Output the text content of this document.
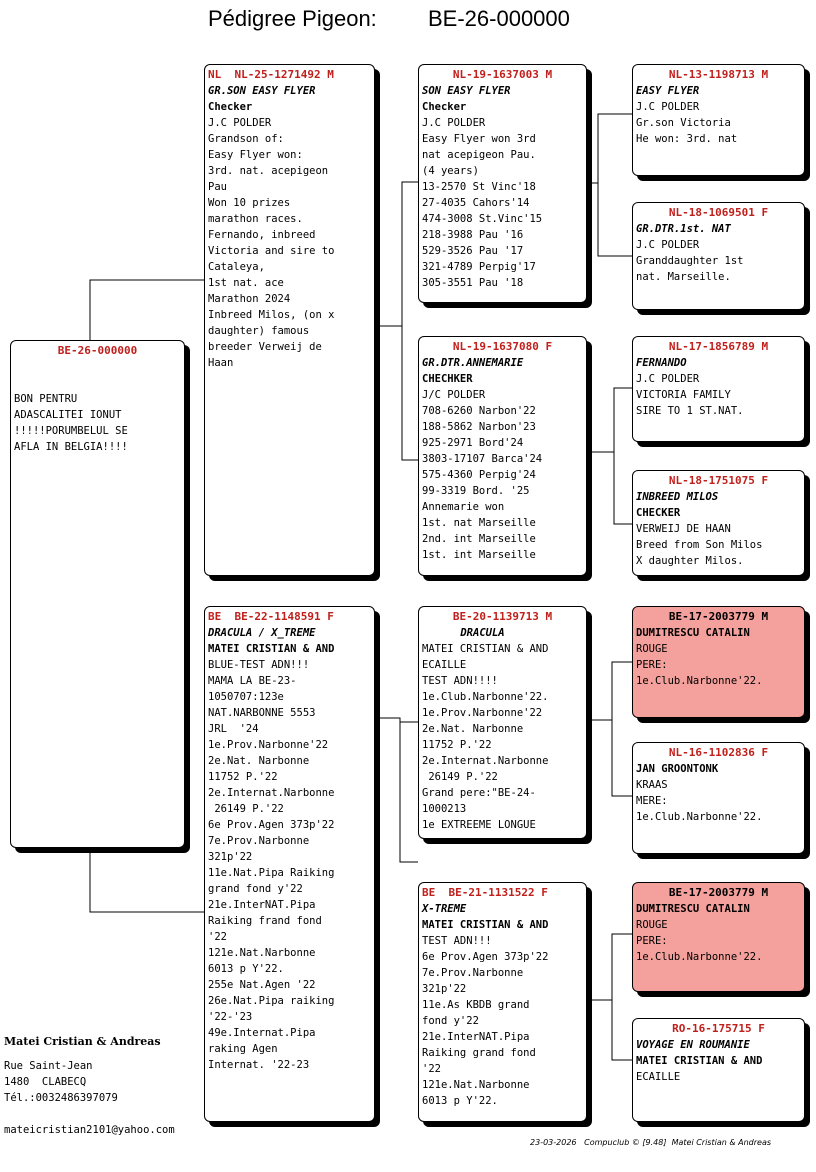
Pédigree Pigeon: BE-26-000000
BE-26-000000
BON PENTRU
ADASCALITEI IONUT
!!!!!PORUMBELUL SE
AFLA IN BELGIA!!!!
NL  NL-25-1271492 M
GR.SON EASY FLYER
Checker
J.C POLDER
Grandson of:
Easy Flyer won:
3rd. nat. acepigeon
Pau
Won 10 prizes
marathon races.
Fernando, inbreed
Victoria and sire to
Cataleya,
1st nat. ace
Marathon 2024
Inbreed Milos, (on x
daughter) famous
breeder Verweij de
Haan
BE  BE-22-1148591 F
DRACULA / X_TREME
MATEI CRISTIAN & AND
BLUE-TEST ADN!!!
MAMA LA BE-23-
1050707:123e
NAT.NARBONNE 5553
JRL  '24
1e.Prov.Narbonne'22
2e.Nat. Narbonne
11752 P.'22
2e.Internat.Narbonne
26149 P.'22
6e Prov.Agen 373p'22
7e.Prov.Narbonne
321p'22
11e.Nat.Pipa Raiking
grand fond y'22
21e.InterNAT.Pipa
Raiking frand fond
'22
121e.Nat.Narbonne
6013 p Y'22.
255e Nat.Agen '22
26e.Nat.Pipa raiking
'22-'23
49e.Internat.Pipa
raking Agen
Internat. '22-23
NL-19-1637003 M
SON EASY FLYER
Checker
J.C POLDER
Easy Flyer won 3rd
nat acepigeon Pau.
(4 years)
13-2570 St Vinc'18
27-4035 Cahors'14
474-3008 St.Vinc'15
218-3988 Pau '16
529-3526 Pau '17
321-4789 Perpig'17
305-3551 Pau '18
NL-19-1637080 F
GR.DTR.ANNEMARIE
CHECHKER
J/C POLDER
708-6260 Narbon'22
188-5862 Narbon'23
925-2971 Bord'24
3803-17107 Barca'24
575-4360 Perpig'24
99-3319 Bord. '25
Annemarie won
1st. nat Marseille
2nd. int Marseille
1st. int Marseille
BE-20-1139713 M
DRACULA
MATEI CRISTIAN & AND
ECAILLE
TEST ADN!!!!
1e.Club.Narbonne'22.
1e.Prov.Narbonne'22
2e.Nat. Narbonne
11752 P.'22
2e.Internat.Narbonne
26149 P.'22
Grand pere:"BE-24-
1000213
1e EXTREEME LONGUE
BE  BE-21-1131522 F
X-TREME
MATEI CRISTIAN & AND
TEST ADN!!!
6e Prov.Agen 373p'22
7e.Prov.Narbonne
321p'22
11e.As KBDB grand
fond y'22
21e.InterNAT.Pipa
Raiking grand fond
'22
121e.Nat.Narbonne
6013 p Y'22.
NL-13-1198713 M
EASY FLYER
J.C POLDER
Gr.son Victoria
He won: 3rd. nat
NL-18-1069501 F
GR.DTR.1st. NAT
J.C POLDER
Granddaughter 1st
nat. Marseille.
NL-17-1856789 M
FERNANDO
J.C POLDER
VICTORIA FAMILY
SIRE TO 1 ST.NAT.
NL-18-1751075 F
INBREED MILOS
CHECKER
VERWEIJ DE HAAN
Breed from Son Milos
X daughter Milos.
BE-17-2003779 M
DUMITRESCU CATALIN
ROUGE
PERE:
1e.Club.Narbonne'22.
NL-16-1102836 F
JAN GROONTONK
KRAAS
MERE:
1e.Club.Narbonne'22.
BE-17-2003779 M
DUMITRESCU CATALIN
ROUGE
PERE:
1e.Club.Narbonne'22.
RO-16-175715 F
VOYAGE EN ROUMANIE
MATEI CRISTIAN & AND
ECAILLE
Matei Cristian & Andreas
Rue Saint-Jean
1480  CLABECQ
Tél.:0032486397079
mateicristian2101@yahoo.com
23-03-2026 Compuclub © [9.48] Matei Cristian & Andreas
